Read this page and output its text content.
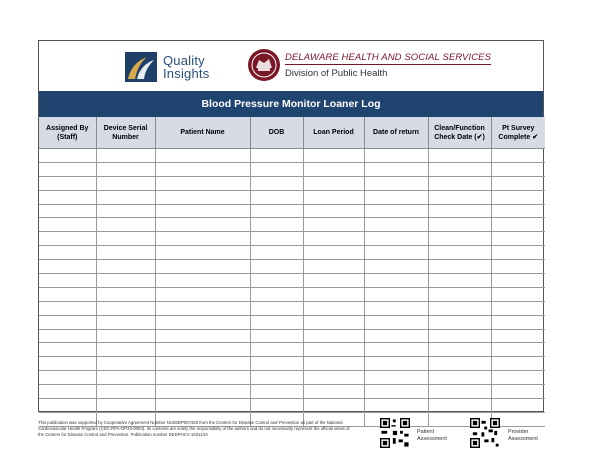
Quality
Insights
DELAWARE HEALTH AND SOCIAL SERVICES
Division of Public Health
Blood Pressure Monitor Loaner Log
Assigned By (Staff)	Device Serial Number	Patient Name	DOB	Loan Period	Date of return	Clean/Function Check Date (✔)	Pt Survey Complete ✔

This publication was supported by Cooperative Agreement Number NU58DP007429 from the Centers for Disease Control and Prevention as part of the National Cardiovascular Health Program (CDC-RFA-DP23-0004). Its contents are solely the responsibility of the authors and do not necessarily represent the official views of the Centers for Disease Control and Prevention. Publication number DEDPHCV-103124A	Patient
Assessment
Provider
Assessment
